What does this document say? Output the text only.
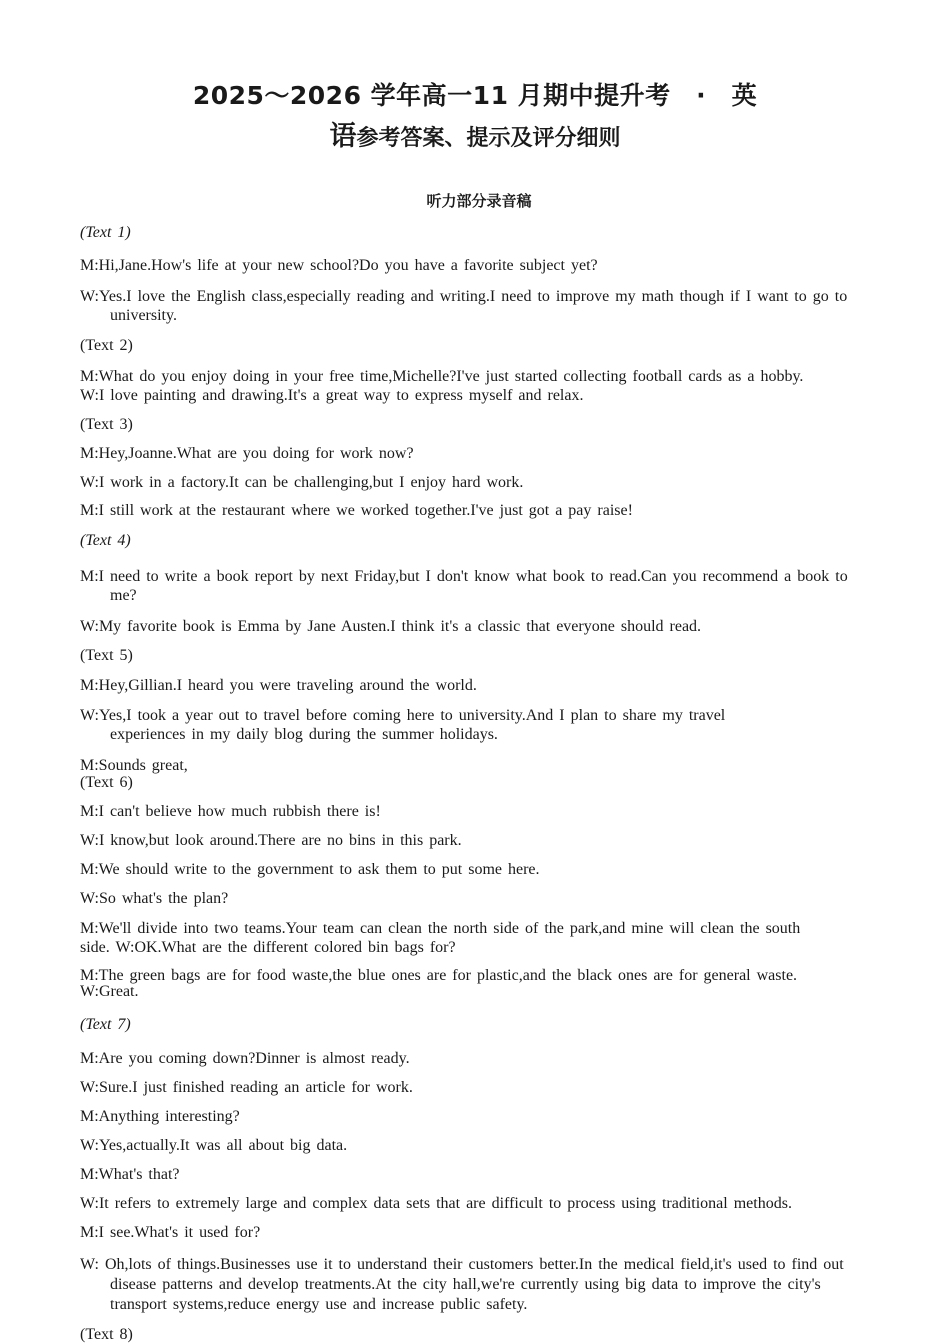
2025～2026 学年高一11 月期中提升考　·　英
语参考答案、提示及评分细则
听力部分录音稿
(Text 1)
M:Hi,Jane.How's life at your new school?Do you have a favorite subject yet?
W:Yes.I love the English class,especially reading and writing.I need to improve my math though if I want to go to university.
(Text 2)
M:What do you enjoy doing in your free time,Michelle?I've just started collecting football cards as a hobby. W:I love painting and drawing.It's a great way to express myself and relax.
(Text 3)
M:Hey,Joanne.What are you doing for work now?
W:I work in a factory.It can be challenging,but I enjoy hard work.
M:I still work at the restaurant where we worked together.I've just got a pay raise!
(Text 4)
M:I need to write a book report by next Friday,but I don't know what book to read.Can you recommend a book to me?
W:My favorite book is Emma by Jane Austen.I think it's a classic that everyone should read.
(Text 5)
M:Hey,Gillian.I heard you were traveling around the world.
W:Yes,I took a year out to travel before coming here to university.And I plan to share my travel experiences in my daily blog during the summer holidays.
M:Sounds great,
(Text 6)
M:I can't believe how much rubbish there is!
W:I know,but look around.There are no bins in this park.
M:We should write to the government to ask them to put some here.
W:So what's the plan?
M:We'll divide into two teams.Your team can clean the north side of the park,and mine will clean the south side. W:OK.What are the different colored bin bags for?
M:The green bags are for food waste,the blue ones are for plastic,and the black ones are for general waste. W:Great.
(Text 7)
M:Are you coming down?Dinner is almost ready.
W:Sure.I just finished reading an article for work.
M:Anything interesting?
W:Yes,actually.It was all about big data.
M:What's that?
W:It refers to extremely large and complex data sets that are difficult to process using traditional methods.
M:I see.What's it used for?
W: Oh,lots of things.Businesses use it to understand their customers better.In the medical field,it's used to find out disease patterns and develop treatments.At the city hall,we're currently using big data to improve the city's transport systems,reduce energy use and increase public safety.
(Text 8)
